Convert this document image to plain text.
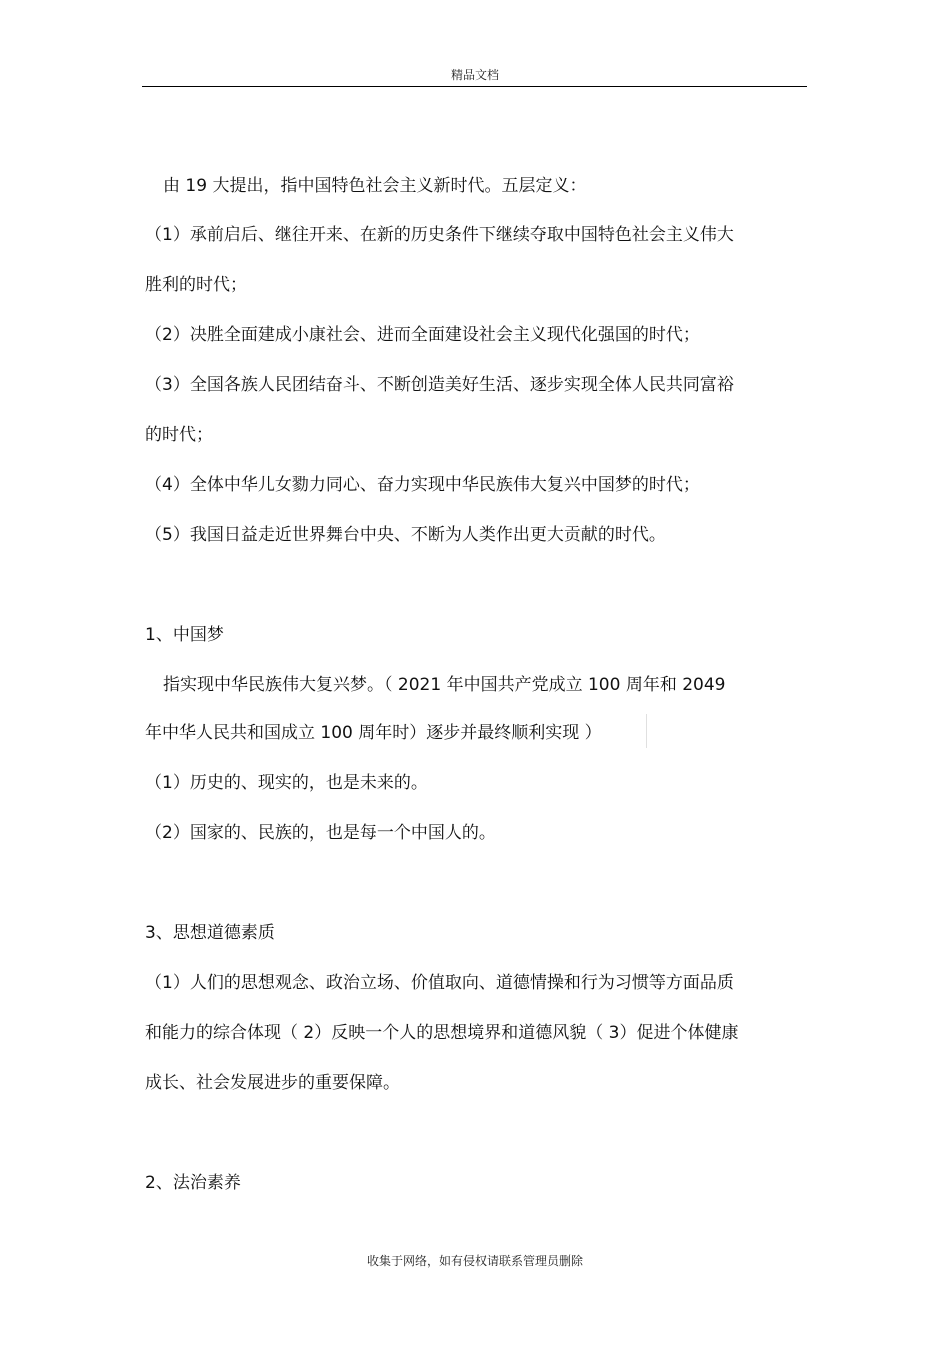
精品文档
由 19 大提出，指中国特色社会主义新时代。五层定义：
（1）承前启后、继往开来、在新的历史条件下继续夺取中国特色社会主义伟大
胜利的时代；
（2）决胜全面建成小康社会、进而全面建设社会主义现代化强国的时代；
（3）全国各族人民团结奋斗、不断创造美好生活、逐步实现全体人民共同富裕
的时代；
（4）全体中华儿女勠力同心、奋力实现中华民族伟大复兴中国梦的时代；
（5）我国日益走近世界舞台中央、不断为人类作出更大贡献的时代。
1、中国梦
指实现中华民族伟大复兴梦。（ 2021 年中国共产党成立 100 周年和 2049
年中华人民共和国成立 100 周年时）逐步并最终顺利实现 ）
（1）历史的、现实的，也是未来的。
（2）国家的、民族的，也是每一个中国人的。
3、思想道德素质
（1）人们的思想观念、政治立场、价值取向、道德情操和行为习惯等方面品质
和能力的综合体现（ 2）反映一个人的思想境界和道德风貌（ 3）促进个体健康
成长、社会发展进步的重要保障。
2、法治素养
收集于网络，如有侵权请联系管理员删除
